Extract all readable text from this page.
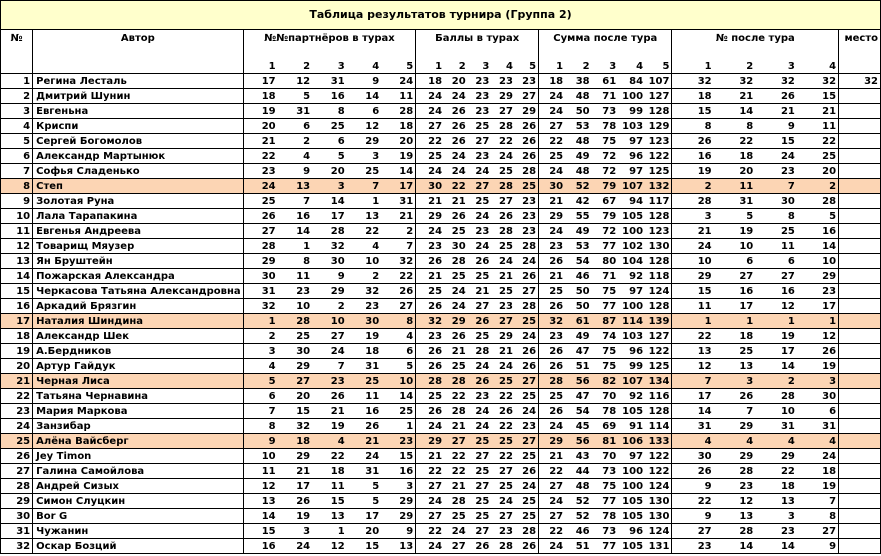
Таблица результатов турнира (Группа 2)
№	Автор	№№партнёров в турах					Баллы в турах					Сумма после тура					№ после тура				место
		1	2	3	4	5	1	2	3	4	5	1	2	3	4	5	1	2	3	4	
1	Регина Лесталь	17	12	31	9	24	18	20	23	23	23	18	38	61	84	107	32	32	32	32	32
2	Дмитрий Шунин	18	5	16	14	11	24	24	23	29	27	24	48	71	100	127	18	21	26	15	
3	Евгеньна	19	31	8	6	28	24	26	23	27	29	24	50	73	99	128	15	14	21	21	
4	Криспи	20	6	25	12	18	27	26	25	28	26	27	53	78	103	129	8	8	9	11	
5	Сергей Богомолов	21	2	6	29	20	22	26	27	22	26	22	48	75	97	123	26	22	15	22	
6	Александр Мартынюк	22	4	5	3	19	25	24	23	24	26	25	49	72	96	122	16	18	24	25	
7	Софья Сладенько	23	9	20	25	14	24	24	24	25	28	24	48	72	97	125	19	20	23	20	
8	Степ	24	13	3	7	17	30	22	27	28	25	30	52	79	107	132	2	11	7	2	
9	Золотая Руна	25	7	14	1	31	21	21	25	27	23	21	42	67	94	117	28	31	30	28	
10	Лала Тарапакина	26	16	17	13	21	29	26	24	26	23	29	55	79	105	128	3	5	8	5	
11	Евгенья Андреева	27	14	28	22	2	24	25	23	28	23	24	49	72	100	123	21	19	25	16	
12	Товарищ Мяузер	28	1	32	4	7	23	30	24	25	28	23	53	77	102	130	24	10	11	14	
13	Ян Бруштейн	29	8	30	10	32	26	28	26	24	24	26	54	80	104	128	10	6	6	10	
14	Пожарская Александра	30	11	9	2	22	21	25	25	21	26	21	46	71	92	118	29	27	27	29	
15	Черкасова Татьяна Александровна	31	23	29	32	26	25	24	21	25	27	25	50	75	97	124	15	16	16	23	
16	Аркадий Брязгин	32	10	2	23	27	26	24	27	23	28	26	50	77	100	128	11	17	12	17	
17	Наталия Шиндина	1	28	10	30	8	32	29	26	27	25	32	61	87	114	139	1	1	1	1	
18	Александр Шек	2	25	27	19	4	23	26	25	29	24	23	49	74	103	127	22	18	19	12	
19	А.Бердников	3	30	24	18	6	26	21	28	21	26	26	47	75	96	122	13	25	17	26	
20	Артур Гайдук	4	29	7	31	5	26	25	24	24	26	26	51	75	99	125	12	13	14	19	
21	Черная Лиса	5	27	23	25	10	28	28	26	25	27	28	56	82	107	134	7	3	2	3	
22	Татьяна Чернавина	6	20	26	11	14	25	22	23	22	25	25	47	70	92	116	17	26	28	30	
23	Мария Маркова	7	15	21	16	25	26	28	24	26	24	26	54	78	105	128	14	7	10	6	
24	Занзибар	8	32	19	26	1	24	21	24	22	23	24	45	69	91	114	31	29	31	31	
25	Алёна Вайсберг	9	18	4	21	23	29	27	25	25	27	29	56	81	106	133	4	4	4	4	
26	Jey Timon	10	29	22	24	15	21	22	27	22	25	21	43	70	97	122	30	29	29	24	
27	Галина Самойлова	11	21	18	31	16	22	22	25	27	26	22	44	73	100	122	26	28	22	18	
28	Андрей Сизых	12	17	11	5	3	27	21	27	25	24	27	48	75	100	124	9	23	18	19	
29	Симон Слуцкин	13	26	15	5	29	24	28	25	24	25	24	52	77	105	130	22	12	13	7	
30	Bor G	14	19	13	17	29	27	25	25	27	25	27	52	78	105	130	9	13	3	8	
31	Чужанин	15	3	1	20	9	22	24	27	23	28	22	46	73	96	124	27	28	23	27	
32	Оскар Бозций	16	24	12	15	13	24	27	26	28	26	24	51	77	105	131	23	14	14	9	
